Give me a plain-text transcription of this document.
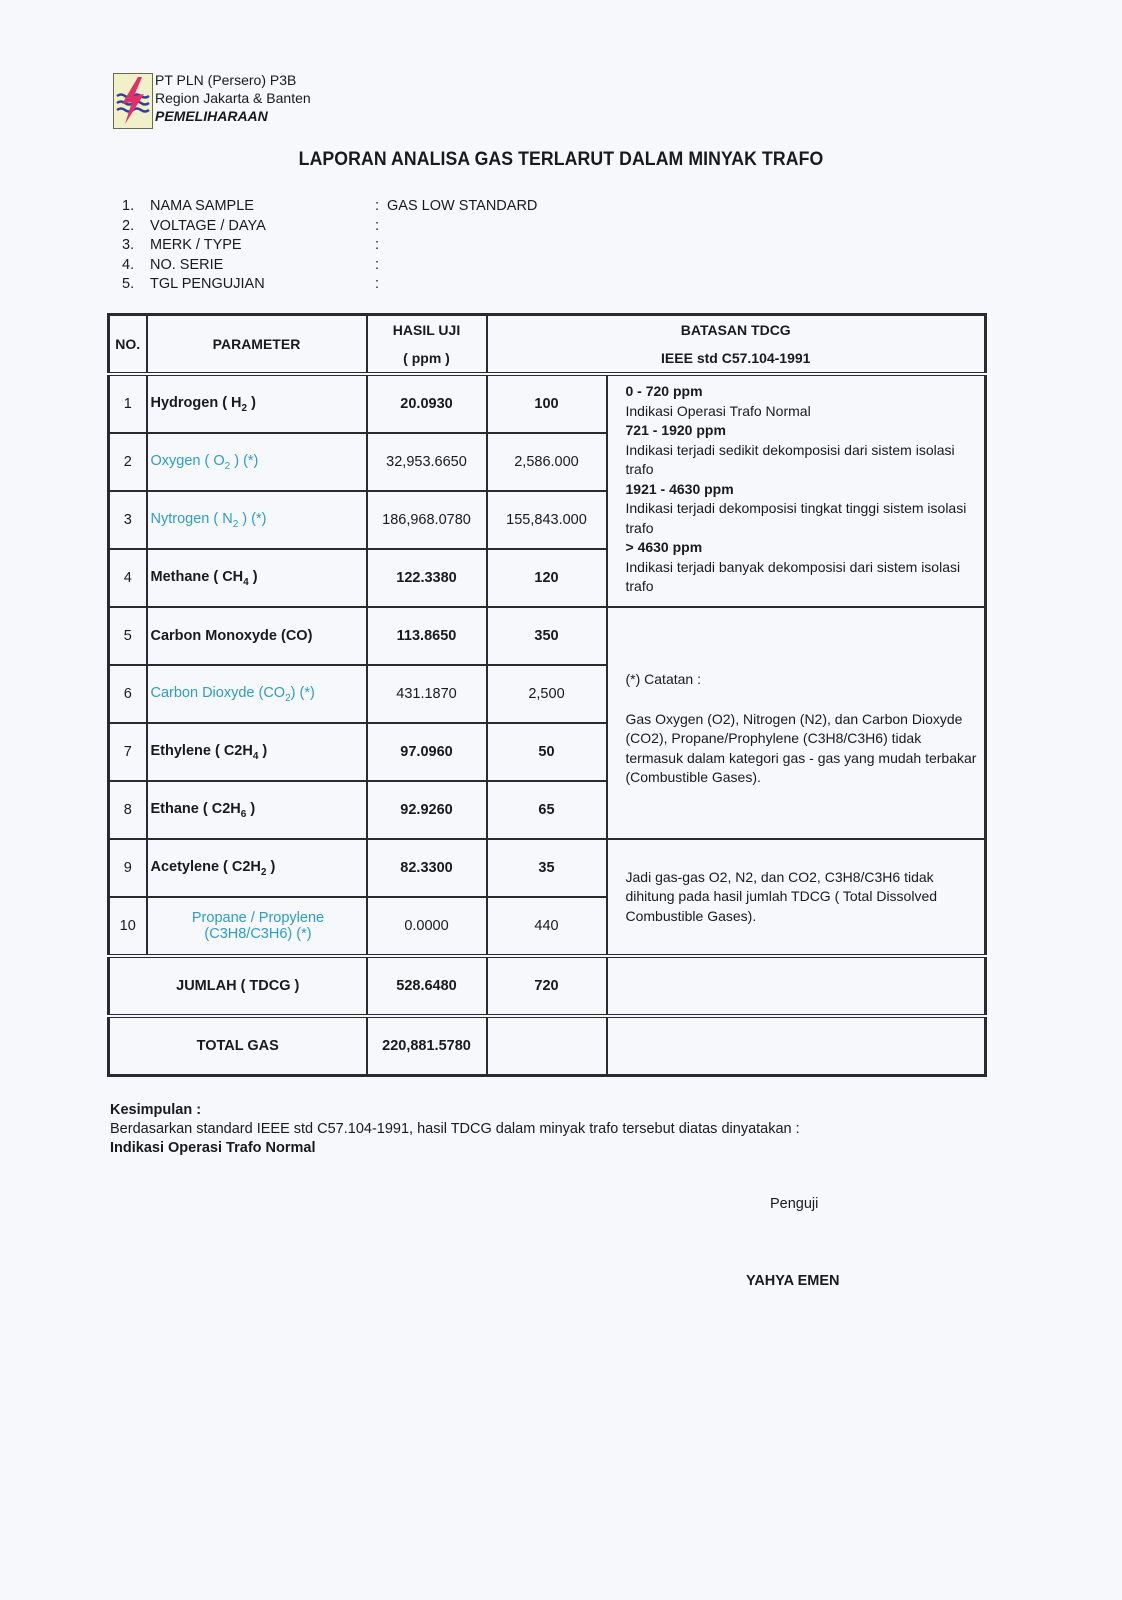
PT PLN (Persero) P3B
Region Jakarta & Banten
PEMELIHARAAN
LAPORAN ANALISA GAS TERLARUT DALAM MINYAK TRAFO
1.	NAMA SAMPLE	: GAS LOW STANDARD
2.	VOLTAGE / DAYA	:
3.	MERK / TYPE	:
4.	NO. SERIE	:
5.	TGL PENGUJIAN	:
NO.	PARAMETER	HASIL UJI	BATASAN TDCG	
		( ppm )	IEEE std C57.104-1991	
1	Hydrogen ( $H_2$ )	20.0930	100	
0 - 720 ppm
Indikasi Operasi Trafo Normal
721 - 1920 ppm
Indikasi terjadi sedikit dekomposisi dari sistem isolasi trafo
1921 - 4630 ppm
Indikasi terjadi dekomposisi tingkat tinggi sistem isolasi trafo
> 4630 ppm
Indikasi terjadi banyak dekomposisi dari sistem isolasi trafo

2	Oxygen ( $O_2$ ) (*)	32,953.6650	2,586.000	
3	Nytrogen ( $N_2$ ) (*)	186,968.0780	155,843.000	
4	Methane ( $CH_4$ )	122.3380	120	
5	Carbon Monoxyde (CO)	113.8650	350	(*) Catatan :
Gas Oxygen (O2), Nitrogen (N2), dan Carbon Dioxyde (CO2), Propane/Prophylene (C3H8/C3H6) tidak termasuk dalam kategori gas - gas yang mudah terbakar (Combustible Gases).

6	Carbon Dioxyde $(CO_2)$ (*)	431.1870	2,500	
7	Ethylene ( $C2H_4$ )	97.0960	50	
8	Ethane ( $C2H_6$ )	92.9260	65	
9	Acetylene ( $C2H_2$ )	82.3300	35	Jadi gas-gas O2, N2, dan CO2, C3H8/C3H6 tidak dihitung pada hasil jumlah TDCG ( Total Dissolved Combustible Gases).

10	Propane / Propylene
(C3H8/C3H6) (*)	0.0000	440	
JUMLAH ( TDCG )		528.6480	720	
TOTAL GAS		220,881.5780		
Kesimpulan :
Berdasarkan standard IEEE std C57.104-1991, hasil TDCG dalam minyak trafo tersebut diatas dinyatakan :
Indikasi Operasi Trafo Normal
Penguji
YAHYA EMEN
